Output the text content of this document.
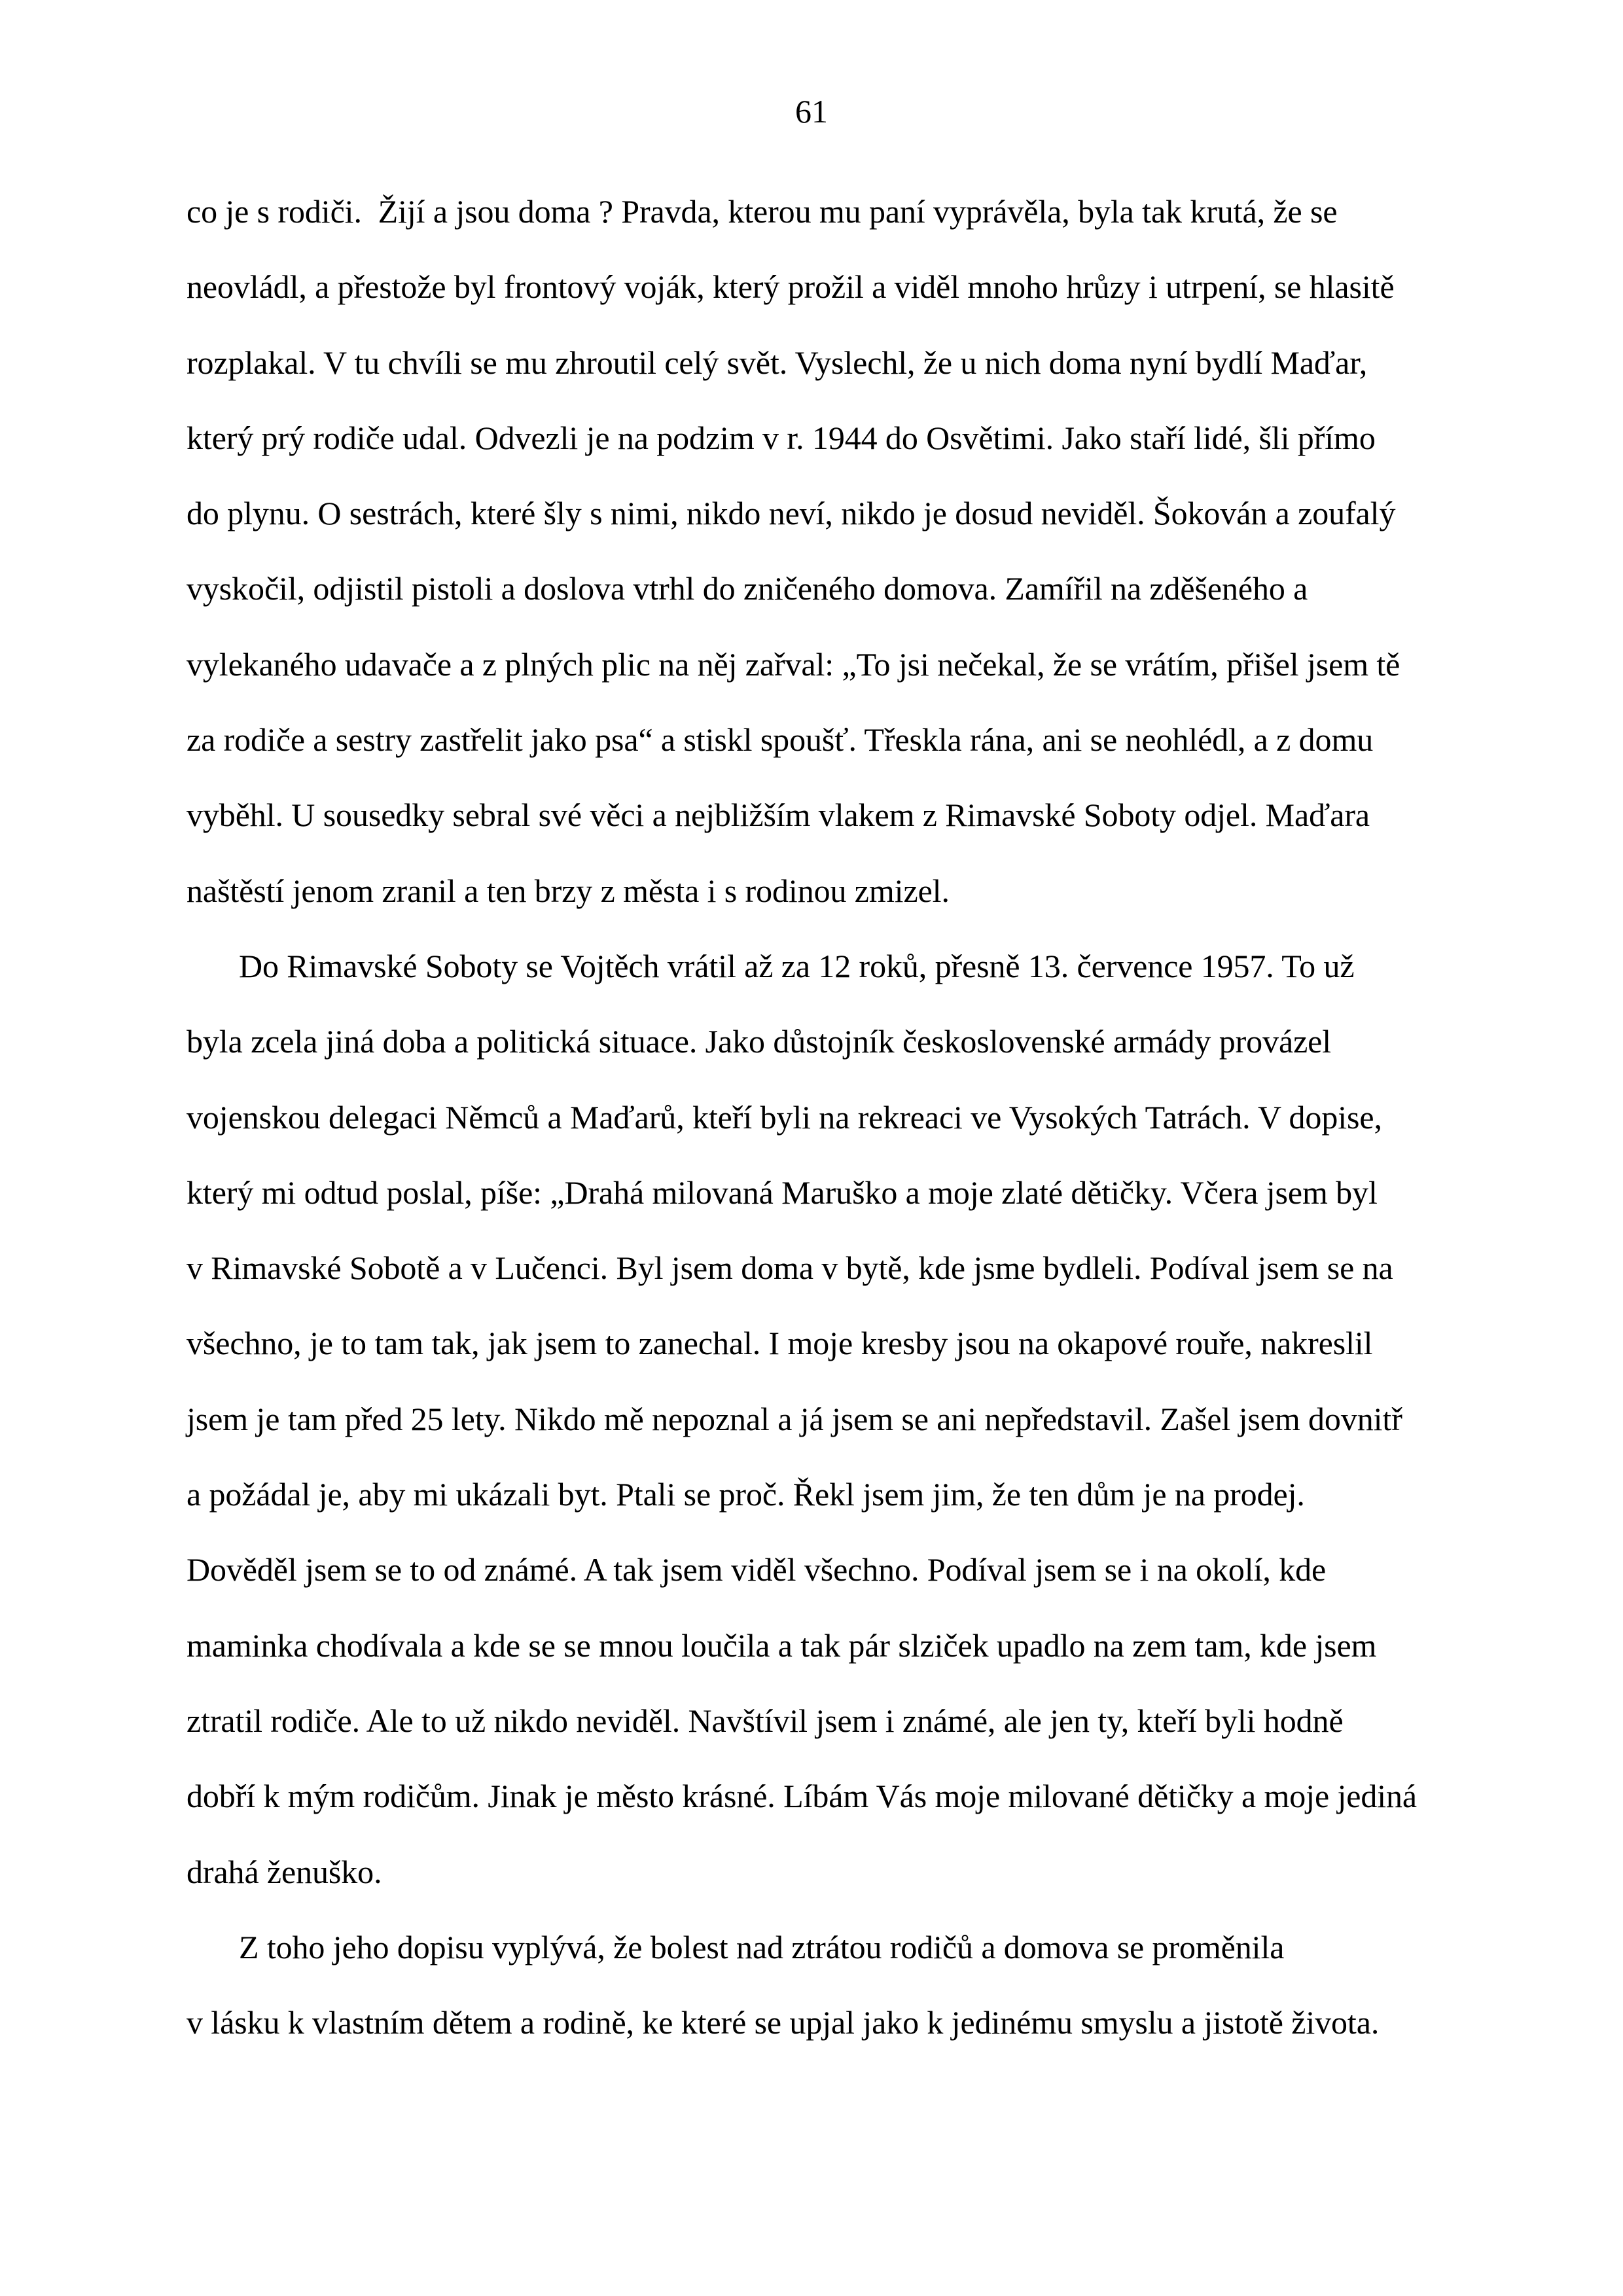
61
co je s rodiči.  Žijí a jsou doma ? Pravda, kterou mu paní vyprávěla, byla tak krutá, že se
neovládl, a přestože byl frontový voják, který prožil a viděl mnoho hrůzy i utrpení, se hlasitě
rozplakal. V tu chvíli se mu zhroutil celý svět. Vyslechl, že u nich doma nyní bydlí Maďar,
který prý rodiče udal. Odvezli je na podzim v r. 1944 do Osvětimi. Jako staří lidé, šli přímo
do plynu. O sestrách, které šly s nimi, nikdo neví, nikdo je dosud neviděl. Šokován a zoufalý
vyskočil, odjistil pistoli a doslova vtrhl do zničeného domova. Zamířil na zděšeného a
vylekaného udavače a z plných plic na něj zařval: „To jsi nečekal, že se vrátím, přišel jsem tě
za rodiče a sestry zastřelit jako psa“ a stiskl spoušť. Třeskla rána, ani se neohlédl, a z domu
vyběhl. U sousedky sebral své věci a nejbližším vlakem z Rimavské Soboty odjel. Maďara
naštěstí jenom zranil a ten brzy z města i s rodinou zmizel.
Do Rimavské Soboty se Vojtěch vrátil až za 12 roků, přesně 13. července 1957. To už
byla zcela jiná doba a politická situace. Jako důstojník československé armády provázel
vojenskou delegaci Němců a Maďarů, kteří byli na rekreaci ve Vysokých Tatrách. V dopise,
který mi odtud poslal, píše: „Drahá milovaná Maruško a moje zlaté dětičky. Včera jsem byl
v Rimavské Sobotě a v Lučenci. Byl jsem doma v bytě, kde jsme bydleli. Podíval jsem se na
všechno, je to tam tak, jak jsem to zanechal. I moje kresby jsou na okapové rouře, nakreslil
jsem je tam před 25 lety. Nikdo mě nepoznal a já jsem se ani nepředstavil. Zašel jsem dovnitř
a požádal je, aby mi ukázali byt. Ptali se proč. Řekl jsem jim, že ten dům je na prodej.
Dověděl jsem se to od známé. A tak jsem viděl všechno. Podíval jsem se i na okolí, kde
maminka chodívala a kde se se mnou loučila a tak pár slziček upadlo na zem tam, kde jsem
ztratil rodiče. Ale to už nikdo neviděl. Navštívil jsem i známé, ale jen ty, kteří byli hodně
dobří k mým rodičům. Jinak je město krásné. Líbám Vás moje milované dětičky a moje jediná
drahá ženuško.
Z toho jeho dopisu vyplývá, že bolest nad ztrátou rodičů a domova se proměnila
v lásku k vlastním dětem a rodině, ke které se upjal jako k jedinému smyslu a jistotě života.
